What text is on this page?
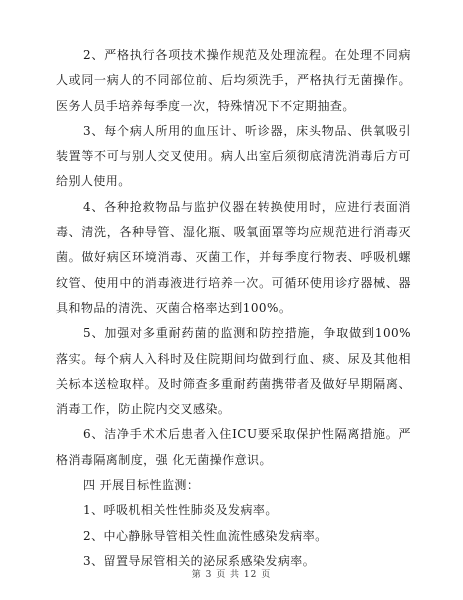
2、严格执行各项技术操作规范及处理流程。在处理不同病人或同一病人的不同部位前、后均须洗手，严格执行无菌操作。医务人员手培养每季度一次，特殊情况下不定期抽查。

3、每个病人所用的血压计、听诊器，床头物品、供氧吸引装置等不可与别人交叉使用。病人出室后须彻底清洗消毒后方可给别人使用。

4、各种抢救物品与监护仪器在转换使用时，应进行表面消毒、清洗，各种导管、湿化瓶、吸氧面罩等均应规范进行消毒灭菌。做好病区环境消毒、灭菌工作，并每季度行物表、呼吸机螺纹管、使用中的消毒液进行培养一次。可循环使用诊疗器械、器具和物品的清洗、灭菌合格率达到100%。

5、加强对多重耐药菌的监测和防控措施，争取做到100%落实。每个病人入科时及住院期间均做到行血、痰、尿及其他相关标本送检取样。及时筛查多重耐药菌携带者及做好早期隔离、消毒工作，防止院内交叉感染。

6、洁净手术术后患者入住ICU要采取保护性隔离措施。严格消毒隔离制度，强 化无菌操作意识。

四 开展目标性监测：

1、呼吸机相关性性肺炎及发病率。

2、中心静脉导管相关性血流性感染发病率。

3、留置导尿管相关的泌尿系感染发病率。

第 3 页 共 12 页
